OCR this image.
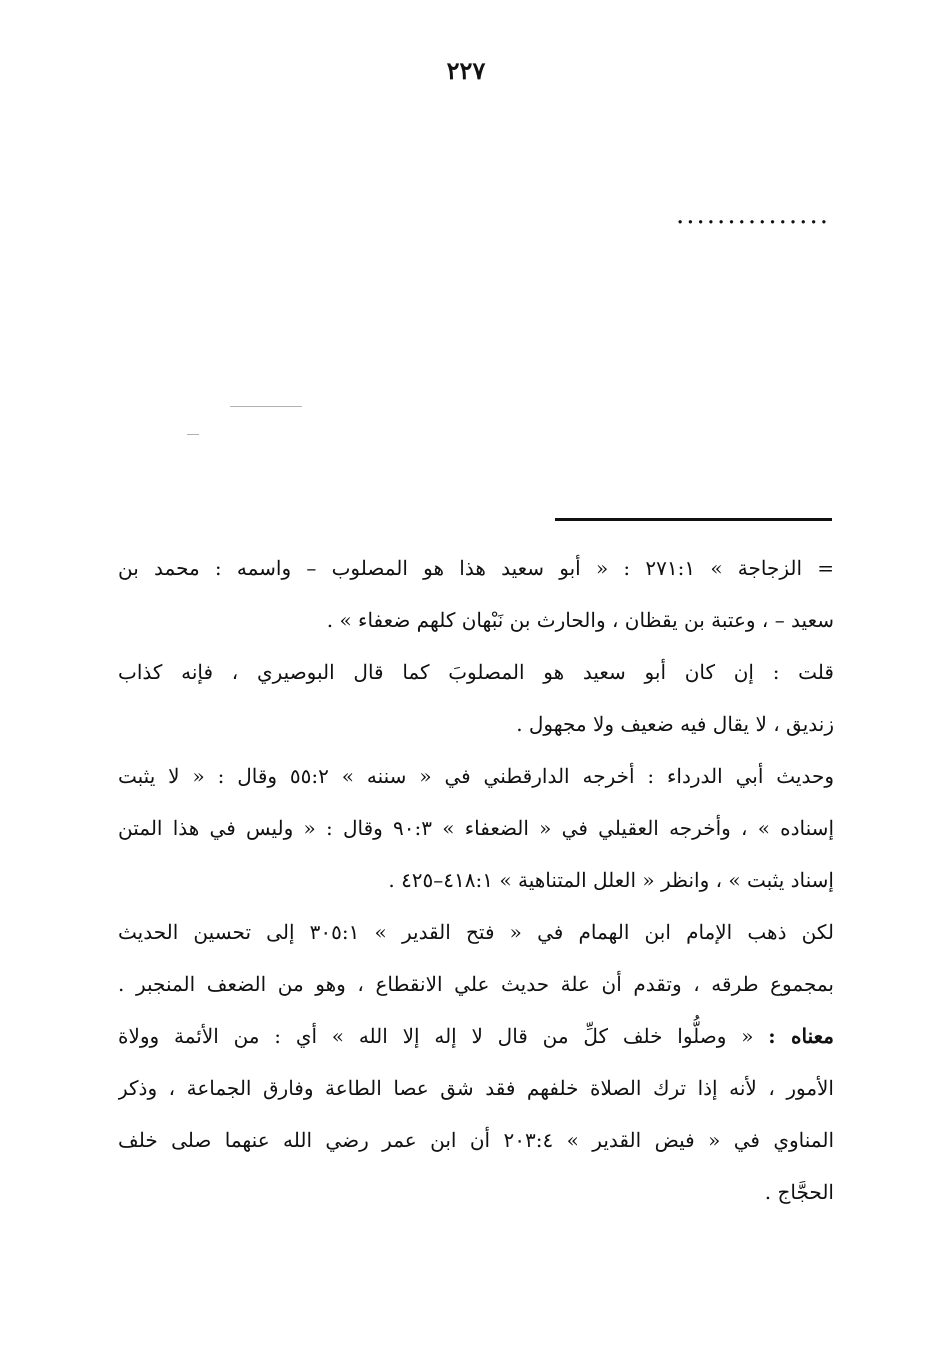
٢٢٧
...............
= الزجاجة » ٢٧١:١ : « أبو سعيد هذا هو المصلوب – واسمه : محمد بن
سعيد – ، وعتبة بن يقظان ، والحارث بن نَبْهان كلهم ضعفاء » .
قلت : إن كان أبو سعيد هو المصلوبَ كما قال البوصيري ، فإنه كذاب
زنديق ، لا يقال فيه ضعيف ولا مجهول .
وحديث أبي الدرداء : أخرجه الدارقطني في « سننه » ٥٥:٢ وقال : « لا يثبت
إسناده » ، وأخرجه العقيلي في « الضعفاء » ٩٠:٣ وقال : « وليس في هذا المتن
إسناد يثبت » ، وانظر « العلل المتناهية » ٤١٨:١–٤٢٥ .
لكن ذهب الإمام ابن الهمام في « فتح القدير » ٣٠٥:١ إلى تحسين الحديث
بمجموع طرقه ، وتقدم أن علة حديث علي الانقطاع ، وهو من الضعف المنجبر .
معناه : « وصلُّوا خلف كلِّ من قال لا إله إلا الله » أي : من الأئمة وولاة
الأمور ، لأنه إذا ترك الصلاة خلفهم فقد شق عصا الطاعة وفارق الجماعة ، وذكر
المناوي في « فيض القدير » ٢٠٣:٤ أن ابن عمر رضي الله عنهما صلى خلف
الحجَّاج .
